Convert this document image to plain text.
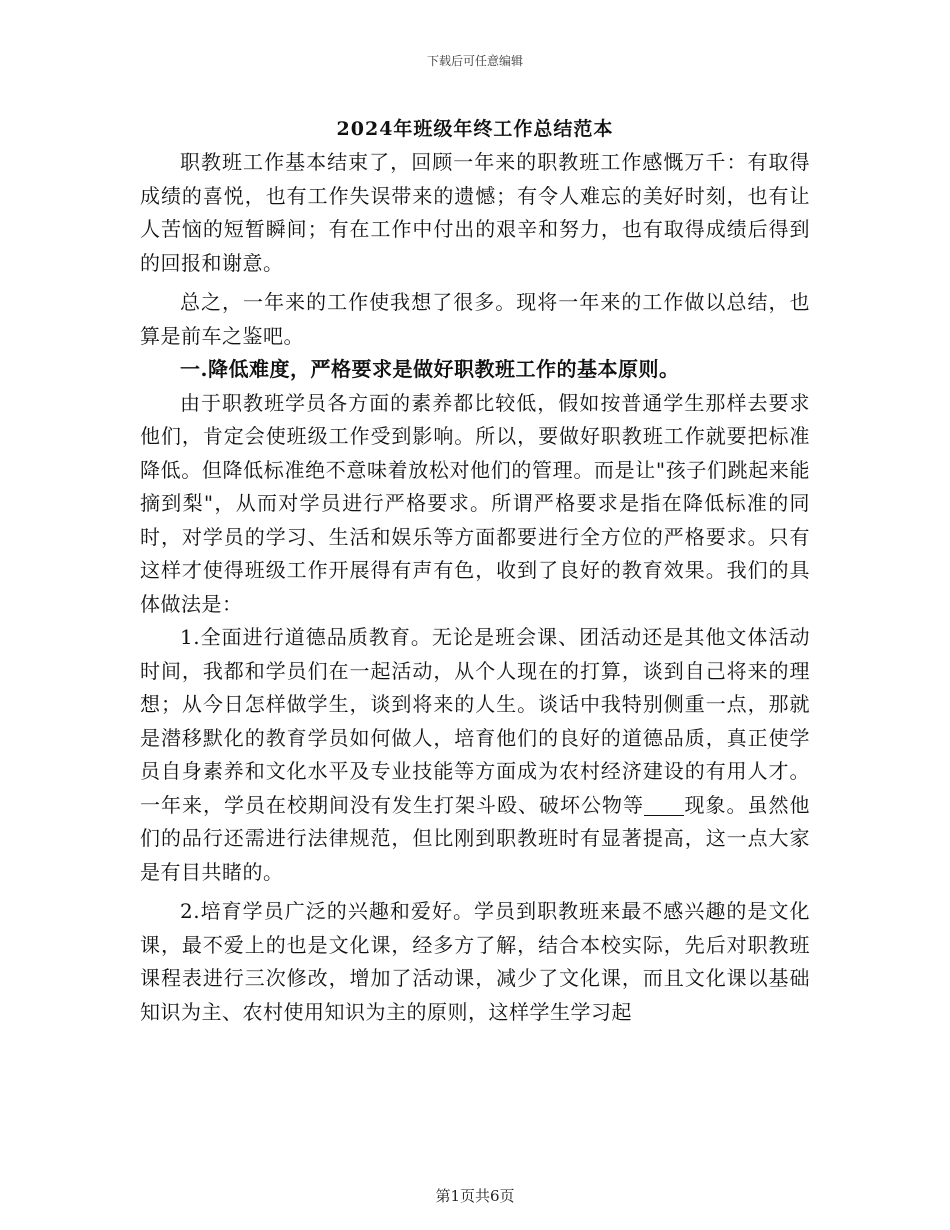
下载后可任意编辑
2024年班级年终工作总结范本

职教班工作基本结束了，回顾一年来的职教班工作感慨万千：有取得成绩的喜悦，也有工作失误带来的遗憾；有令人难忘的美好时刻，也有让人苦恼的短暂瞬间；有在工作中付出的艰辛和努力，也有取得成绩后得到的回报和谢意。

总之，一年来的工作使我想了很多。现将一年来的工作做以总结，也算是前车之鉴吧。

一.降低难度，严格要求是做好职教班工作的基本原则。

由于职教班学员各方面的素养都比较低，假如按普通学生那样去要求他们，肯定会使班级工作受到影响。所以，要做好职教班工作就要把标准降低。但降低标准绝不意味着放松对他们的管理。而是让"孩子们跳起来能摘到梨"，从而对学员进行严格要求。所谓严格要求是指在降低标准的同时，对学员的学习、生活和娱乐等方面都要进行全方位的严格要求。只有这样才使得班级工作开展得有声有色，收到了良好的教育效果。我们的具体做法是：

1.全面进行道德品质教育。无论是班会课、团活动还是其他文体活动时间，我都和学员们在一起活动，从个人现在的打算，谈到自己将来的理想；从今日怎样做学生，谈到将来的人生。谈话中我特别侧重一点，那就是潜移默化的教育学员如何做人，培育他们的良好的道德品质，真正使学员自身素养和文化水平及专业技能等方面成为农村经济建设的有用人才。一年来，学员在校期间没有发生打架斗殴、破坏公物等 现象。虽然他们的品行还需进行法律规范，但比刚到职教班时有显著提高，这一点大家是有目共睹的。

2.培育学员广泛的兴趣和爱好。学员到职教班来最不感兴趣的是文化课，最不爱上的也是文化课，经多方了解，结合本校实际，先后对职教班课程表进行三次修改，增加了活动课，减少了文化课，而且文化课以基础知识为主、农村使用知识为主的原则，这样学生学习起

第1页共6页
